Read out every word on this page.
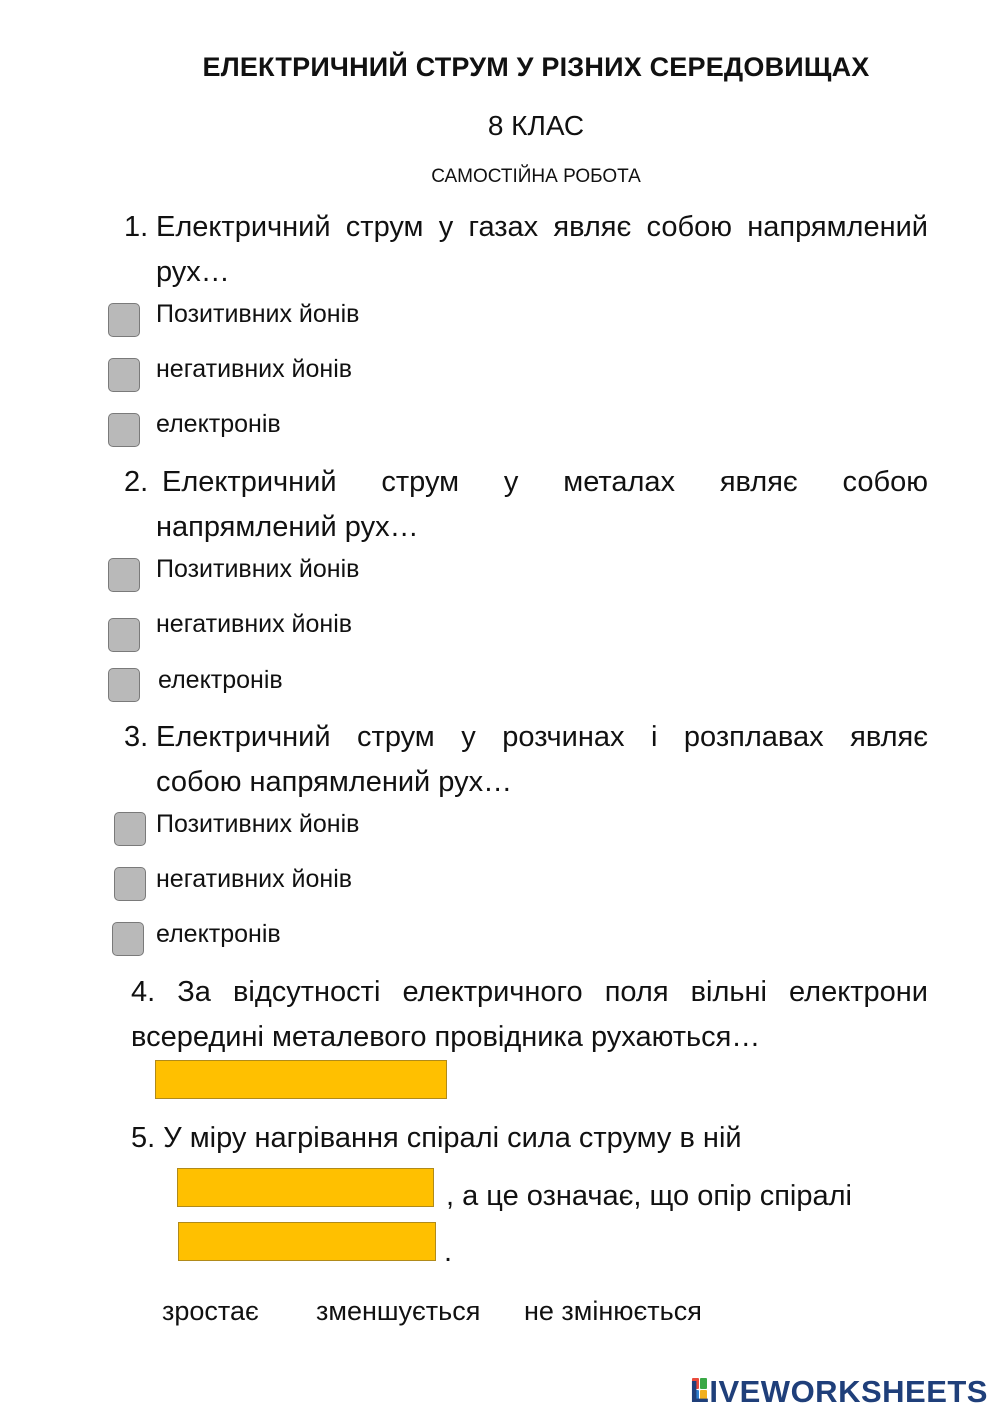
ЕЛЕКТРИЧНИЙ СТРУМ У РІЗНИХ СЕРЕДОВИЩАХ
8 КЛАС
САМОСТІЙНА РОБОТА
1. Електричний струм у газах являє собою напрямлений
рух…
Позитивних йонів
негативних йонів
електронів
2. Електричний струм у металах являє собою
напрямлений рух…
Позитивних йонів
негативних йонів
електронів
3. Електричний струм у розчинах і розплавах являє
собою напрямлений рух…
Позитивних йонів
негативних йонів
електронів
4. За відсутності електричного поля вільні електрони
всередині металевого провідника рухаються…
5. У міру нагрівання спіралі сила струму в ній
, а це означає, що опір спіралі
.
зростає зменшується не змінюється
LIVEWORKSHEETS
